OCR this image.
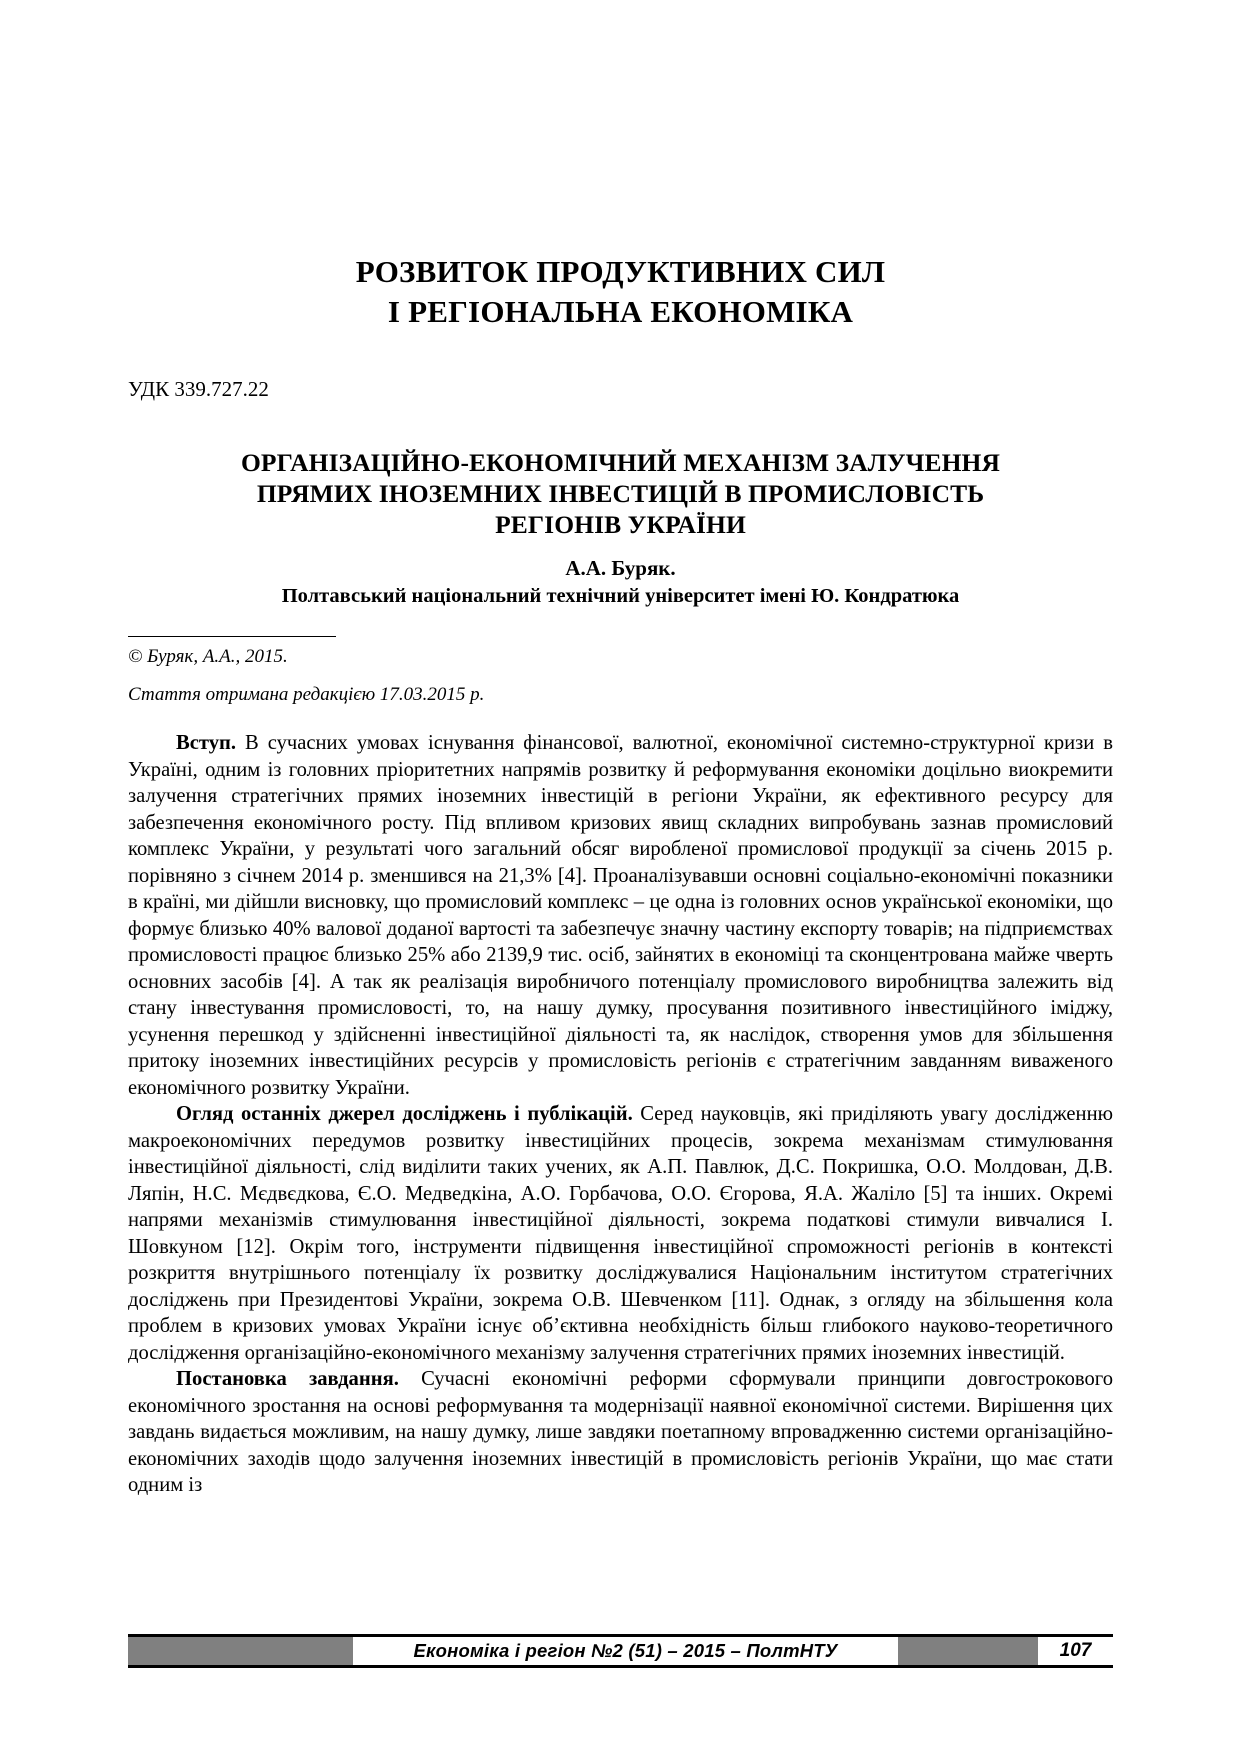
РОЗВИТОК ПРОДУКТИВНИХ СИЛ
І РЕГІОНАЛЬНА ЕКОНОМІКА
УДК 339.727.22
ОРГАНІЗАЦІЙНО-ЕКОНОМІЧНИЙ МЕХАНІЗМ ЗАЛУЧЕННЯ
ПРЯМИХ ІНОЗЕМНИХ ІНВЕСТИЦІЙ В ПРОМИСЛОВІСТЬ
РЕГІОНІВ УКРАЇНИ
А.А. Буряк.
Полтавський національний технічний університет імені Ю. Кондратюка
© Буряк, А.А., 2015.
Стаття отримана редакцією 17.03.2015 р.

Вступ. В сучасних умовах існування фінансової, валютної, економічної системно-структурної кризи в Україні, одним із головних пріоритетних напрямів розвитку й реформування економіки доцільно виокремити залучення стратегічних прямих іноземних інвестицій в регіони України, як ефективного ресурсу для забезпечення економічного росту. Під впливом кризових явищ складних випробувань зазнав промисловий комплекс України, у результаті чого загальний обсяг виробленої промислової продукції за січень 2015 р. порівняно з січнем 2014 р. зменшився на 21,3% [4]. Проаналізувавши основні соціально-економічні показники в країні, ми дійшли висновку, що промисловий комплекс – це одна із головних основ української економіки, що формує близько 40% валової доданої вартості та забезпечує значну частину експорту товарів; на підприємствах промисловості працює близько 25% або 2139,9 тис. осіб, зайнятих в економіці та сконцентрована майже чверть основних засобів [4]. А так як реалізація виробничого потенціалу промислового виробництва залежить від стану інвестування промисловості, то, на нашу думку, просування позитивного інвестиційного іміджу, усунення перешкод у здійсненні інвестиційної діяльності та, як наслідок, створення умов для збільшення притоку іноземних інвестиційних ресурсів у промисловість регіонів є стратегічним завданням виваженого економічного розвитку України.

Огляд останніх джерел досліджень і публікацій. Серед науковців, які приділяють увагу дослідженню макроекономічних передумов розвитку інвестиційних процесів, зокрема механізмам стимулювання інвестиційної діяльності, слід виділити таких учених, як А.П. Павлюк, Д.С. Покришка, О.О. Молдован, Д.В. Ляпін, Н.С. Мєдвєдкова, Є.О. Медведкіна, А.О. Горбачова, О.О. Єгорова, Я.А. Жаліло [5] та інших. Окремі напрями механізмів стимулювання інвестиційної діяльності, зокрема податкові стимули вивчалися І. Шовкуном [12]. Окрім того, інструменти підвищення інвестиційної спроможності регіонів в контексті розкриття внутрішнього потенціалу їх розвитку досліджувалися Національним інститутом стратегічних досліджень при Президентові України, зокрема О.В. Шевченком [11]. Однак, з огляду на збільшення кола проблем в кризових умовах України існує об’єктивна необхідність більш глибокого науково-теоретичного дослідження організаційно-економічного механізму залучення стратегічних прямих іноземних інвестицій.

Постановка завдання. Сучасні економічні реформи сформували принципи довгострокового економічного зростання на основі реформування та модернізації наявної економічної системи. Вирішення цих завдань видається можливим, на нашу думку, лише завдяки поетапному впровадженню системи організаційно-економічних заходів щодо залучення іноземних інвестицій в промисловість регіонів України, що має стати одним із

Економіка і регіон №2 (51) – 2015 – ПолтНТУ	107
